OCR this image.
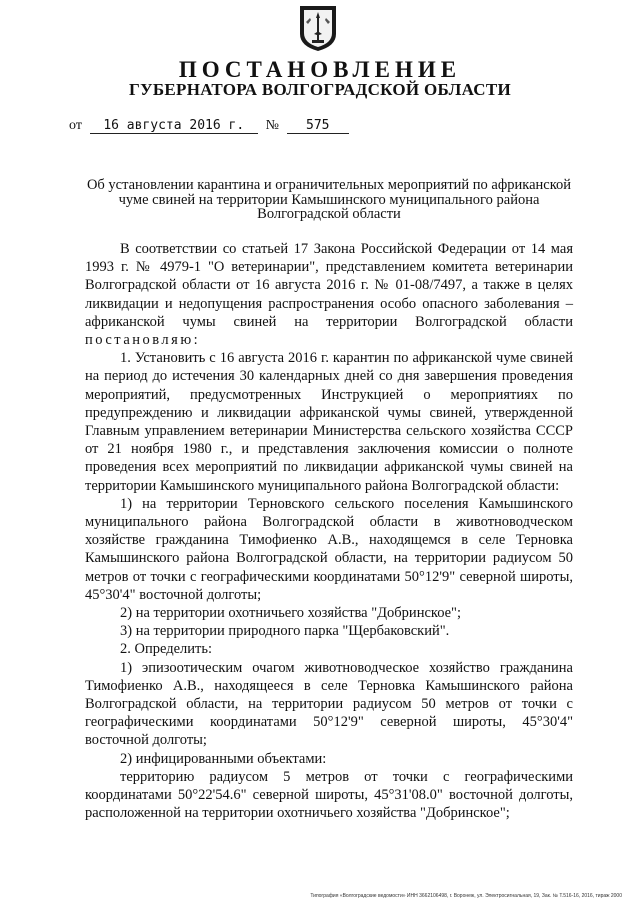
ПОСТАНОВЛЕНИЕ
ГУБЕРНАТОРА ВОЛГОГРАДСКОЙ ОБЛАСТИ
от 16 августа 2016 г. № 575
Об установлении карантина и ограничительных мероприятий по африканской
чуме свиней на территории Камышинского муниципального района
Волгоградской области

В соответствии со статьей 17 Закона Российской Федерации от 14 мая 1993 г. № 4979-1 "О ветеринарии", представлением комитета ветеринарии Волгоградской области от 16 августа 2016 г. № 01-08/7497, а также в целях ликвидации и недопущения распространения особо опасного заболевания – африканской чумы свиней на территории Волгоградской области постановляю:

1. Установить с 16 августа 2016 г. карантин по африканской чуме свиней на период до истечения 30 календарных дней со дня завершения проведения мероприятий, предусмотренных Инструкцией о мероприятиях по предупреждению и ликвидации африканской чумы свиней, утвержденной Главным управлением ветеринарии Министерства сельского хозяйства СССР от 21 ноября 1980 г., и представления заключения комиссии о полноте проведения всех мероприятий по ликвидации африканской чумы свиней на территории Камышинского муниципального района Волгоградской области:

1) на территории Терновского сельского поселения Камышинского муниципального района Волгоградской области в животноводческом хозяйстве гражданина Тимофиенко А.В., находящемся в селе Терновка Камышинского района Волгоградской области, на территории радиусом 50 метров от точки с географическими координатами 50°12'9" северной широты, 45°30'4" восточной долготы;

2) на территории охотничьего хозяйства "Добринское";

3) на территории природного парка "Щербаковский".

2. Определить:

1) эпизоотическим очагом животноводческое хозяйство гражданина Тимофиенко А.В., находящееся в селе Терновка Камышинского района Волгоградской области, на территории радиусом 50 метров от точки с географическими координатами 50°12'9" северной широты, 45°30'4" восточной долготы;

2) инфицированными объектами:

территорию радиусом 5 метров от точки с географическими координатами 50°22'54.6" северной широты, 45°31'08.0" восточной долготы, расположенной на территории охотничьего хозяйства "Добринское";

Типография «Волгоградские ведомости» ИНН 3662106498, г. Воронеж, ул. Электросигнальная, 19, Зак. № Т.516-16, 2016, тираж 2000
